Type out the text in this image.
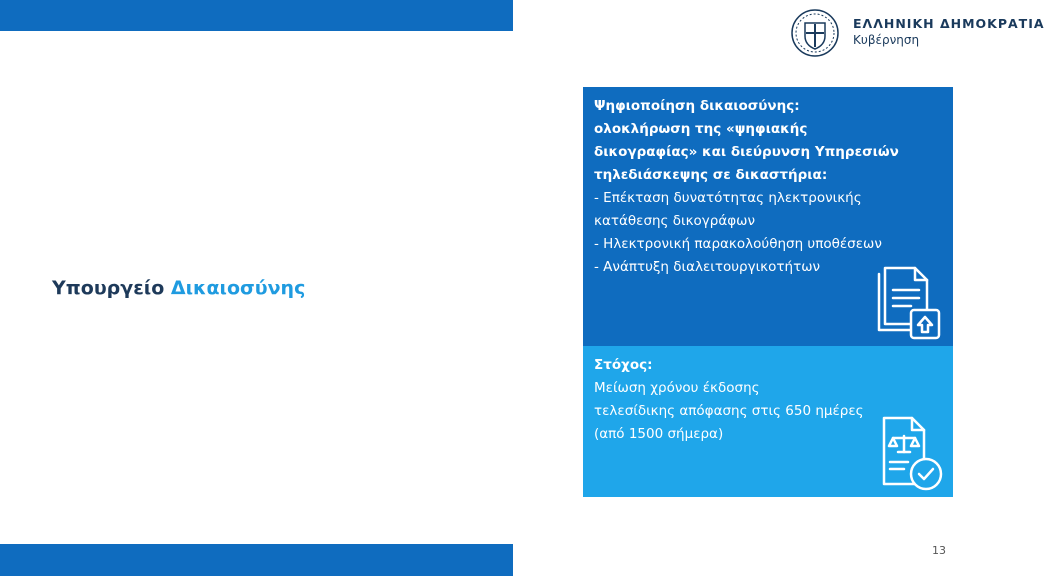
ΕΛΛΗΝΙΚΗ ΔΗΜΟΚΡΑΤΙΑ
Κυβέρνηση
Υπουργείο Δικαιοσύνης
Ψηφιοποίηση δικαιοσύνης:
ολοκλήρωση της «ψηφιακής
δικογραφίας» και διεύρυνση Υπηρεσιών
τηλεδιάσκεψης σε δικαστήρια:
- Επέκταση δυνατότητας ηλεκτρονικής
κατάθεσης δικογράφων
- Ηλεκτρονική παρακολούθηση υποθέσεων
- Ανάπτυξη διαλειτουργικοτήτων
Στόχος:
Μείωση χρόνου έκδοσης
τελεσίδικης απόφασης στις 650 ημέρες
(από 1500 σήμερα)
13
